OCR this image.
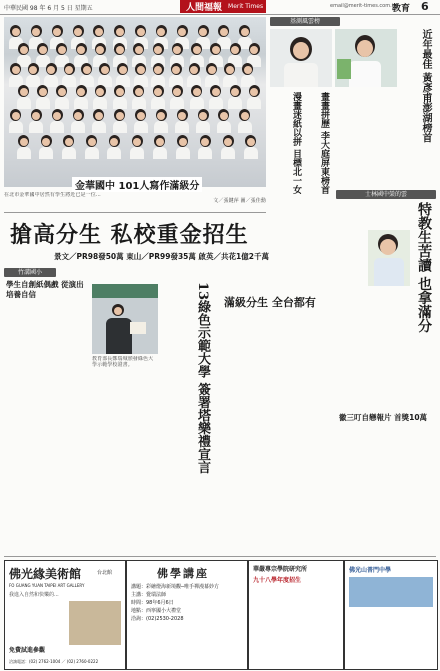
中華民國 98 年 6 月 5 日 星期五	人間福報 Merit Times	email@merit-times.com.tw
教育 6
金華國中 101人寫作滿級分

在北市金華國中居然有學生將近已是一位...

文／張鍵萍 圖／張佳勳

基測風雲榜
近年最佳 黃彥甫澎湖榜首
畫畫拼歷 李大庭屏東榜首
漫畫迷紙以拼 目標北一女

搶高分生 私校重金招生
景文／PR98發50萬 東山／PR99發35萬 啟英／共花1億2千萬
士林國中榮的雲
特教生苦讀 也拿滿分

徽三叮自戀報片 首獎10萬

竹溝國小
學生自創紙偶戲 從演出培養自信

教育部長鄭瑞城頒發綠色大學示範學校證書。	13綠色示範大學 簽署塔樂禮宣言 滿級分生 全台都有

佛光緣美術館	台北館
FO GUANG YUAN TAIPEI ART GALLERY
我進入自然和快樂的...

免費試進參觀
洽詢電話：(02) 2762-1004 ／ (02) 2760-0222
佛學講座
講題：彩繪燈海新境觀─唯手禪漫幕妙方
主講：覺瑞法師
時間：98年6月6日
地點：西寧國小大禮堂
洽詢：(02)2530-2028
華嚴專宗學院研究所
九十八學年度招生

佛光山普門中學
